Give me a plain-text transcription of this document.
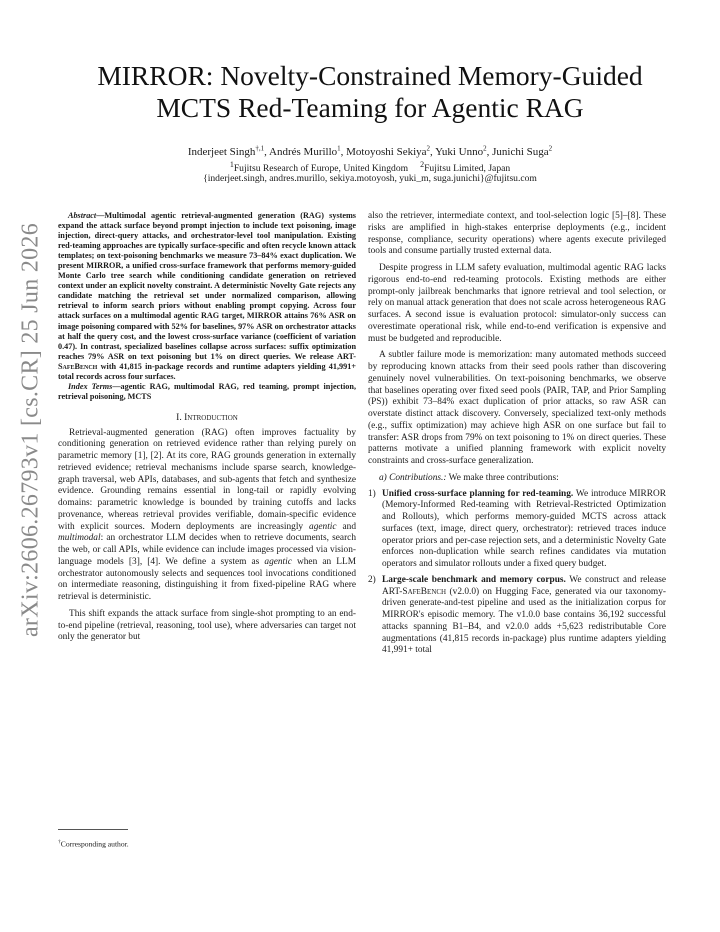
arXiv:2606.26793v1 [cs.CR] 25 Jun 2026
MIRROR: Novelty-Constrained Memory-Guided
MCTS Red-Teaming for Agentic RAG
Inderjeet Singh$^{\dagger,1}$, Andrés Murillo$^1$, Motoyoshi Sekiya$^2$, Yuki Unno$^2$, Junichi Suga$^2$
$^1$Fujitsu Research of Europe, United Kingdom $^2$Fujitsu Limited, Japan
{inderjeet.singh, andres.murillo, sekiya.motoyosh, yuki_m, suga.junichi}@fujitsu.com

Abstract—Multimodal agentic retrieval-augmented generation (RAG) systems expand the attack surface beyond prompt injection to include text poisoning, image injection, direct-query attacks, and orchestrator-level tool manipulation. Existing red-teaming approaches are typically surface-specific and often recycle known attack templates; on text-poisoning benchmarks we measure 73–84% exact duplication. We present MIRROR, a unified cross-surface framework that performs memory-guided Monte Carlo tree search while conditioning candidate generation on retrieved context under an explicit novelty constraint. A deterministic Novelty Gate rejects any candidate matching the retrieval set under normalized comparison, allowing retrieval to inform search priors without enabling prompt copying. Across four attack surfaces on a multimodal agentic RAG target, MIRROR attains 76% ASR on image poisoning compared with 52% for baselines, 97% ASR on orchestrator attacks at half the query cost, and the lowest cross-surface variance (coefficient of variation 0.47). In contrast, specialized baselines collapse across surfaces: suffix optimization reaches 79% ASR on text poisoning but 1% on direct queries. We release ART-SafeBench with 41,815 in-package records and runtime adapters yielding 41,991+ total records across four surfaces.

Index Terms—agentic RAG, multimodal RAG, red teaming, prompt injection, retrieval poisoning, MCTS

I. Introduction

Retrieval-augmented generation (RAG) often improves factuality by conditioning generation on retrieved evidence rather than relying purely on parametric memory [1], [2]. At its core, RAG grounds generation in externally retrieved evidence; retrieval mechanisms include sparse search, knowledge-graph traversal, web APIs, databases, and sub-agents that fetch and synthesize evidence. Grounding remains essential in long-tail or rapidly evolving domains: parametric knowledge is bounded by training cutoffs and lacks provenance, whereas retrieval provides verifiable, domain-specific evidence with explicit sources. Modern deployments are increasingly agentic and multimodal: an orchestrator LLM decides when to retrieve documents, search the web, or call APIs, while evidence can include images processed via vision-language models [3], [4]. We define a system as agentic when an LLM orchestrator autonomously selects and sequences tool invocations conditioned on intermediate reasoning, distinguishing it from fixed-pipeline RAG where retrieval is deterministic.

This shift expands the attack surface from single-shot prompting to an end-to-end pipeline (retrieval, reasoning, tool use), where adversaries can target not only the generator but

also the retriever, intermediate context, and tool-selection logic [5]–[8]. These risks are amplified in high-stakes enterprise deployments (e.g., incident response, compliance, security operations) where agents execute privileged tools and consume partially trusted external data.

Despite progress in LLM safety evaluation, multimodal agentic RAG lacks rigorous end-to-end red-teaming protocols. Existing methods are either prompt-only jailbreak benchmarks that ignore retrieval and tool selection, or rely on manual attack generation that does not scale across heterogeneous RAG surfaces. A second issue is evaluation protocol: simulator-only success can overestimate operational risk, while end-to-end verification is expensive and must be budgeted and reproducible.

A subtler failure mode is memorization: many automated methods succeed by reproducing known attacks from their seed pools rather than discovering genuinely novel vulnerabilities. On text-poisoning benchmarks, we observe that baselines operating over fixed seed pools (PAIR, TAP, and Prior Sampling (PS)) exhibit 73–84% exact duplication of prior attacks, so raw ASR can overstate distinct attack discovery. Conversely, specialized text-only methods (e.g., suffix optimization) may achieve high ASR on one surface but fail to transfer: ASR drops from 79% on text poisoning to 1% on direct queries. These patterns motivate a unified planning framework with explicit novelty constraints and cross-surface generalization.

a) Contributions.: We make three contributions:

1) Unified cross-surface planning for red-teaming. We introduce MIRROR (Memory-Informed Red-teaming with Retrieval-Restricted Optimization and Rollouts), which performs memory-guided MCTS across attack surfaces (text, image, direct query, orchestrator): retrieved traces induce operator priors and per-case rejection sets, and a deterministic Novelty Gate enforces non-duplication while search refines candidates via mutation operators and simulator rollouts under a fixed query budget.
2) Large-scale benchmark and memory corpus. We construct and release ART-SafeBench (v2.0.0) on Hugging Face, generated via our taxonomy-driven generate-and-test pipeline and used as the initialization corpus for MIRROR's episodic memory. The v1.0.0 base contains 36,192 successful attacks spanning B1–B4, and v2.0.0 adds +5,623 redistributable Core augmentations (41,815 records in-package) plus runtime adapters yielding 41,991+ total
†Corresponding author.
